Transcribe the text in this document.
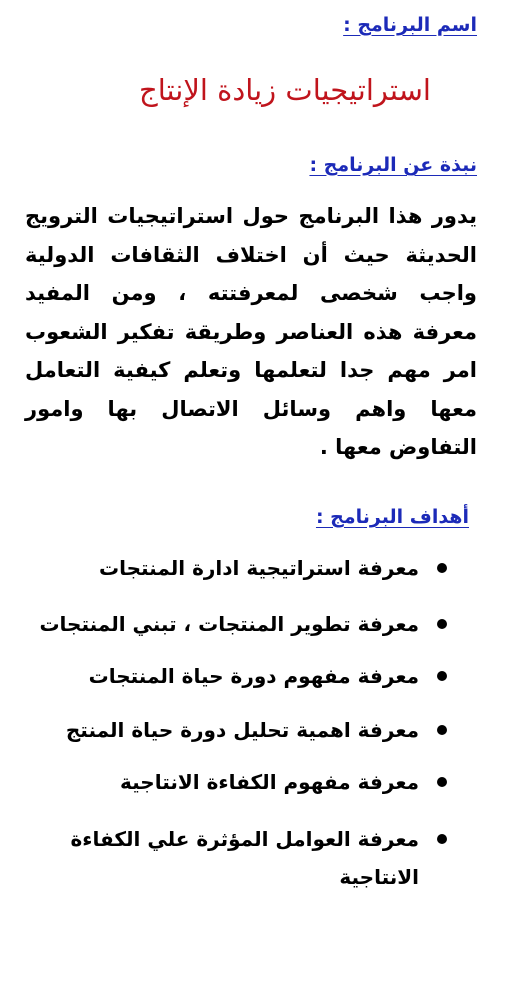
اسم البرنامج :
استراتيجيات زيادة الإنتاج
نبذة عن البرنامج :

يدور هذا البرنامج حول استراتيجيات الترويج الحديثة حيث أن اختلاف الثقافات الدولية واجب شخصى لمعرفتته ، ومن المفيد معرفة هذه العناصر وطريقة تفكير الشعوب امر مهم جدا لتعلمها وتعلم كيفية التعامل معها واهم وسائل الاتصال بها وامور التفاوض معها .

أهداف البرنامج :
معرفة استراتيجية ادارة المنتجات
معرفة تطوير المنتجات ، تبني المنتجات
معرفة مفهوم دورة حياة المنتجات
معرفة اهمية تحليل دورة حياة المنتج
معرفة مفهوم الكفاءة الانتاجية
معرفة العوامل المؤثرة علي الكفاءة الانتاجية
